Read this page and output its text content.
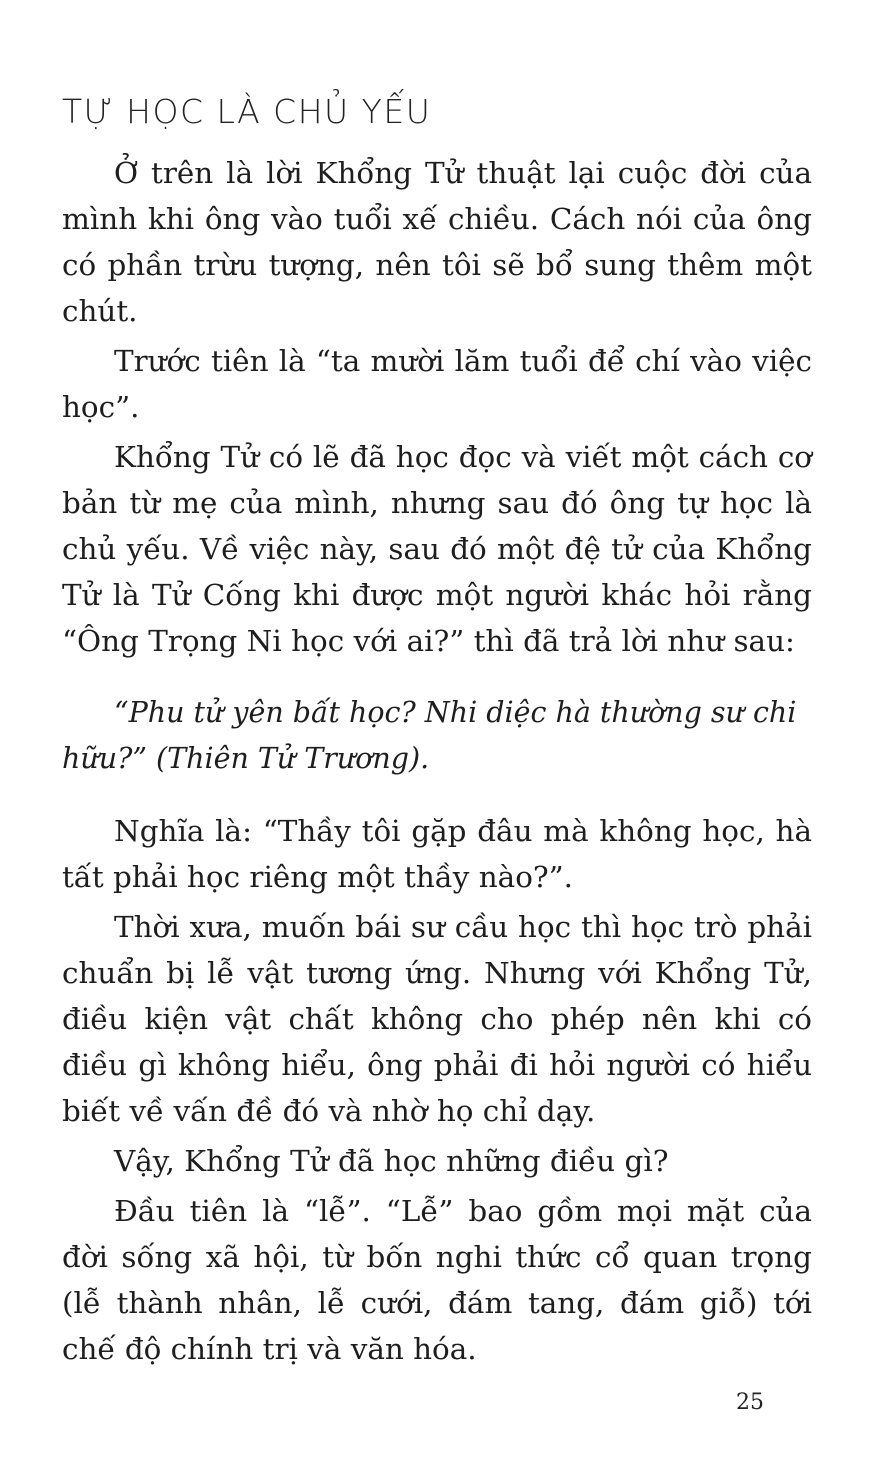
TỰ HỌC LÀ CHỦ YẾU

Ở trên là lời Khổng Tử thuật lại cuộc đời của mình khi ông vào tuổi xế chiều. Cách nói của ông có phần trừu tượng, nên tôi sẽ bổ sung thêm một chút.

Trước tiên là “ta mười lăm tuổi để chí vào việc học”.

Khổng Tử có lẽ đã học đọc và viết một cách cơ bản từ mẹ của mình, nhưng sau đó ông tự học là chủ yếu. Về việc này, sau đó một đệ tử của Khổng Tử là Tử Cống khi được một người khác hỏi rằng “Ông Trọng Ni học với ai?” thì đã trả lời như sau:

“Phu tử yên bất học? Nhi diệc hà thường sư chi

hữu?” (Thiên Tử Trương).

Nghĩa là: “Thầy tôi gặp đâu mà không học, hà tất phải học riêng một thầy nào?”.

Thời xưa, muốn bái sư cầu học thì học trò phải chuẩn bị lễ vật tương ứng. Nhưng với Khổng Tử, điều kiện vật chất không cho phép nên khi có điều gì không hiểu, ông phải đi hỏi người có hiểu biết về vấn đề đó và nhờ họ chỉ dạy.

Vậy, Khổng Tử đã học những điều gì?

Đầu tiên là “lễ”. “Lễ” bao gồm mọi mặt của đời sống xã hội, từ bốn nghi thức cổ quan trọng (lễ thành nhân, lễ cưới, đám tang, đám giỗ) tới chế độ chính trị và văn hóa.

25
